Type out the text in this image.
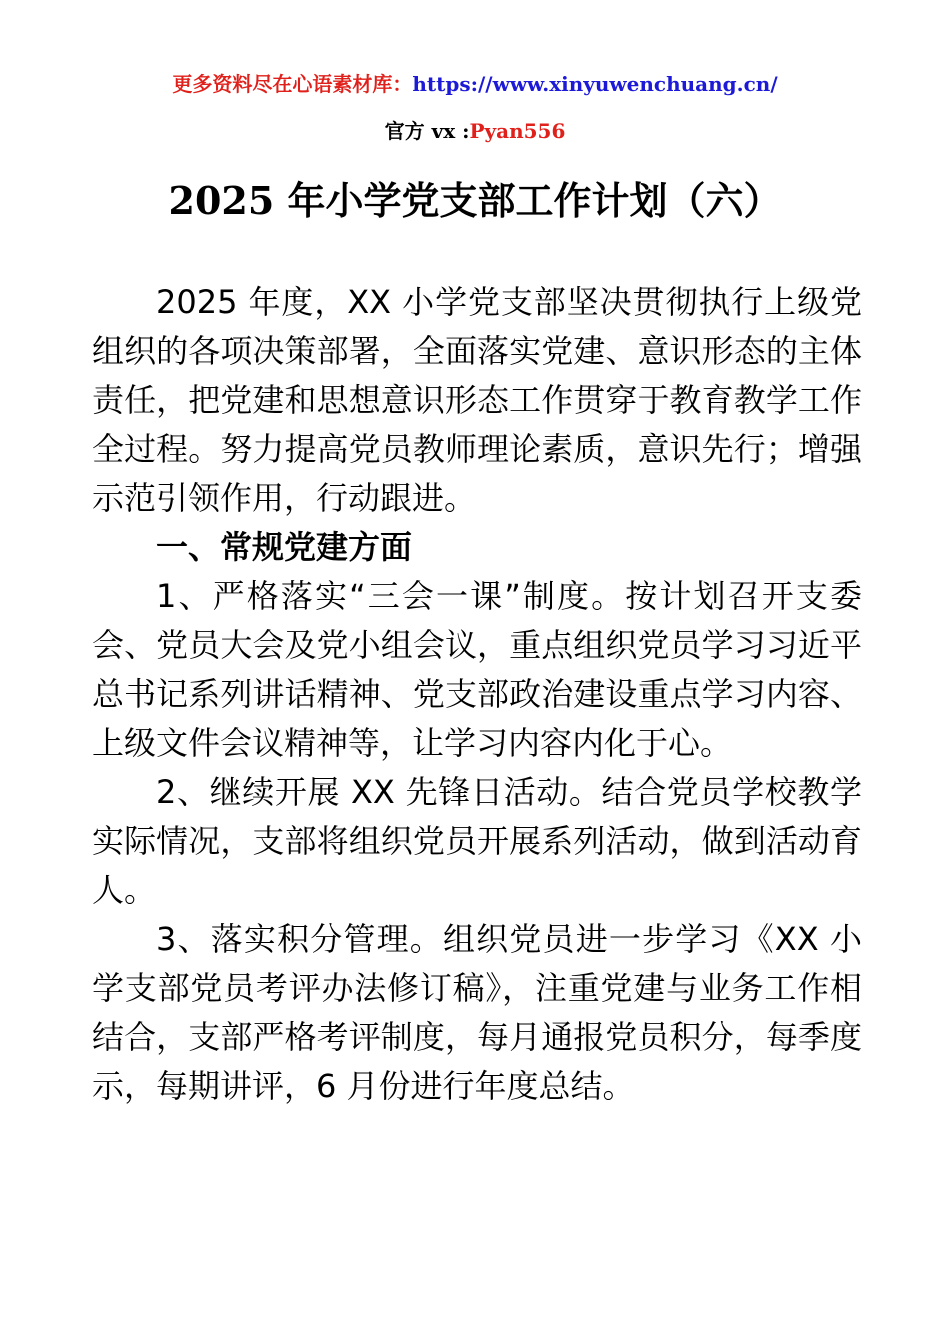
更多资料尽在心语素材库：https://www.xinyuwenchuang.cn/
官方 vx :Pyan556
2025 年小学党支部工作计划（六）

2025 年度，XX 小学党支部坚决贯彻执行上级党组织的各项决策部署，全面落实党建、意识形态的主体责任，把党建和思想意识形态工作贯穿于教育教学工作全过程。努力提高党员教师理论素质，意识先行；增强示范引领作用，行动跟进。

一、常规党建方面

1、严格落实“三会一课”制度。按计划召开支委会、党员大会及党小组会议，重点组织党员学习习近平总书记系列讲话精神、党支部政治建设重点学习内容、上级文件会议精神等，让学习内容内化于心。

2、继续开展 XX 先锋日活动。结合党员学校教学实际情况，支部将组织党员开展系列活动，做到活动育人。

3、落实积分管理。组织党员进一步学习《XX 小学支部党员考评办法修订稿》，注重党建与业务工作相结合，支部严格考评制度，每月通报党员积分，每季度示，每期讲评，6 月份进行年度总结。
